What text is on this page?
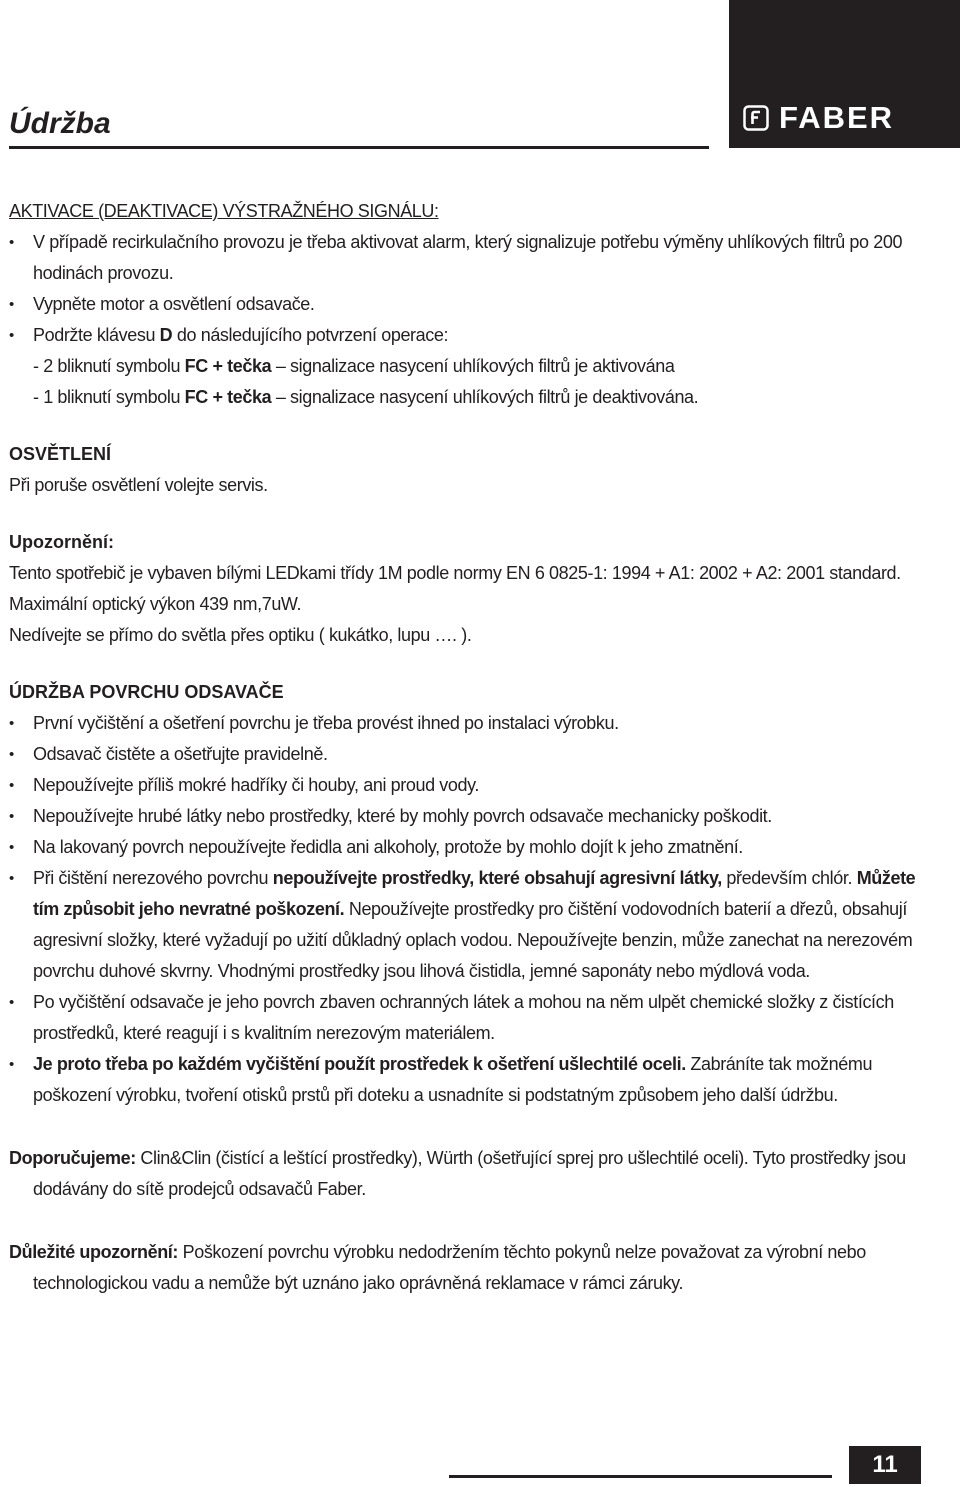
FABER
Údržba

AKTIVACE (DEAKTIVACE) VÝSTRAŽNÉHO SIGNÁLU:

• V případě recirkulačního provozu je třeba aktivovat alarm, který signalizuje potřebu výměny uhlíkových filtrů po 200 hodinách provozu.
• Vypněte motor a osvětlení odsavače.
• Podržte klávesu D do následujícího potvrzení operace:
- 2 bliknutí symbolu FC + tečka – signalizace nasycení uhlíkových filtrů je aktivována
- 1 bliknutí symbolu FC + tečka – signalizace nasycení uhlíkových filtrů je deaktivována.

OSVĚTLENÍ

Při poruše osvětlení volejte servis.

Upozornění:

Tento spotřebič je vybaven bílými LEDkami třídy 1M podle normy EN 6 0825-1: 1994 + A1: 2002 + A2: 2001 standard. Maximální optický výkon 439 nm,7uW.

Nedívejte se přímo do světla přes optiku ( kukátko, lupu …. ).

ÚDRŽBA POVRCHU ODSAVAČE

• První vyčištění a ošetření povrchu je třeba provést ihned po instalaci výrobku.
• Odsavač čistěte a ošetřujte pravidelně.
• Nepoužívejte příliš mokré hadříky či houby, ani proud vody.
• Nepoužívejte hrubé látky nebo prostředky, které by mohly povrch odsavače mechanicky poškodit.
• Na lakovaný povrch nepoužívejte ředidla ani alkoholy, protože by mohlo dojít k jeho zmatnění.
• Při čištění nerezového povrchu nepoužívejte prostředky, které obsahují agresivní látky, především chlór. Můžete tím způsobit jeho nevratné poškození. Nepoužívejte prostředky pro čištění vodovodních baterií a dřezů, obsahují agresivní složky, které vyžadují po užití důkladný oplach vodou. Nepoužívejte benzin, může zanechat na nerezovém povrchu duhové skvrny. Vhodnými prostředky jsou lihová čistidla, jemné saponáty nebo mýdlová voda.
• Po vyčištění odsavače je jeho povrch zbaven ochranných látek a mohou na něm ulpět chemické složky z čistících prostředků, které reagují i s kvalitním nerezovým materiálem.
• Je proto třeba po každém vyčištění použít prostředek k ošetření ušlechtilé oceli. Zabráníte tak možnému poškození výrobku, tvoření otisků prstů při doteku a usnadníte si podstatným způsobem jeho další údržbu.

Doporučujeme: Clin&Clin (čistící a leštící prostředky), Würth (ošetřující sprej pro ušlechtilé oceli). Tyto prostředky jsou dodávány do sítě prodejců odsavačů Faber.

Důležité upozornění: Poškození povrchu výrobku nedodržením těchto pokynů nelze považovat za výrobní nebo technologickou vadu a nemůže být uznáno jako oprávněná reklamace v rámci záruky.

11
